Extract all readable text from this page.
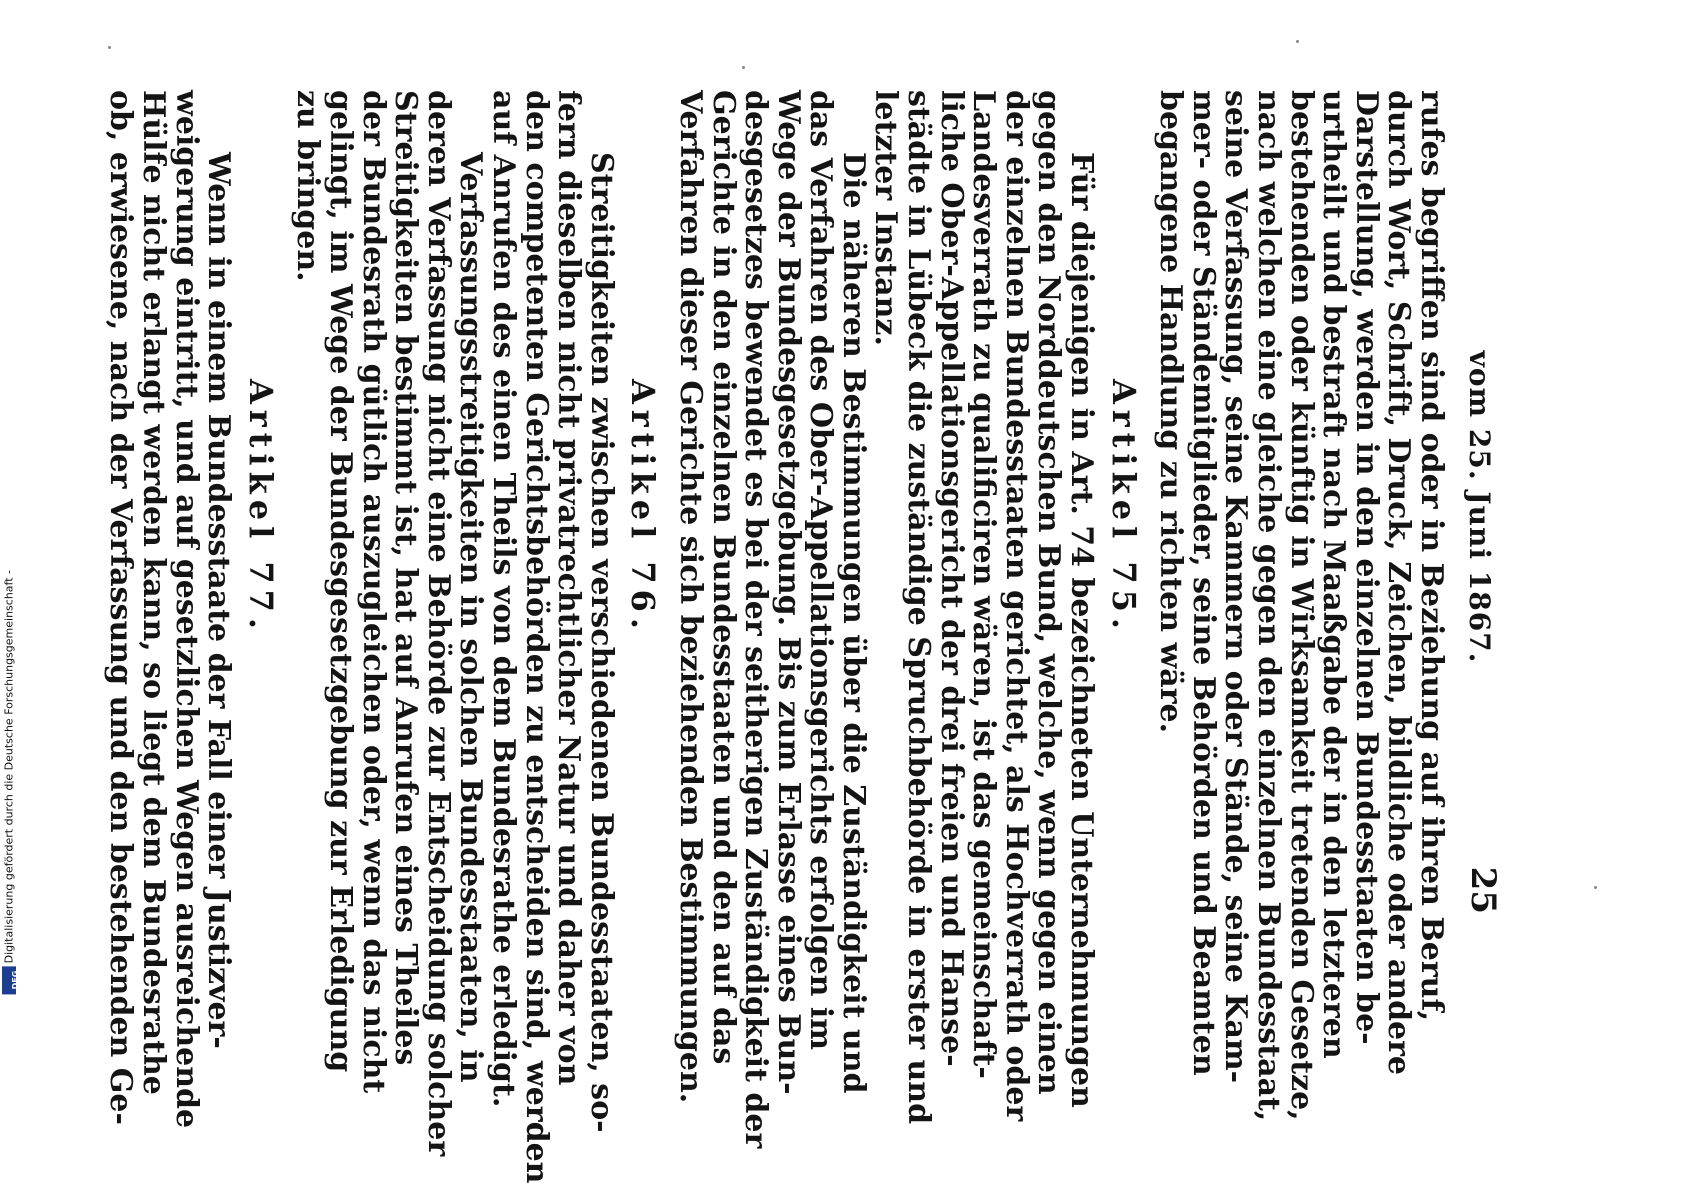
vom 25. Juni 1867.
25
rufes begriffen sind oder in Beziehung auf ihren Beruf,
durch Wort, Schrift, Druck, Zeichen, bildliche oder andere
Darstellung, werden in den einzelnen Bundesstaaten be-
urtheilt und bestraft nach Maaßgabe der in den letzteren
bestehenden oder künftig in Wirksamkeit tretenden Gesetze,
nach welchen eine gleiche gegen den einzelnen Bundesstaat,
seine Verfassung, seine Kammern oder Stände, seine Kam-
mer- oder Ständemitglieder, seine Behörden und Beamten
begangene Handlung zu richten wäre.
Artikel 75.
Für diejenigen in Art. 74 bezeichneten Unternehmungen
gegen den Norddeutschen Bund, welche, wenn gegen einen
der einzelnen Bundesstaaten gerichtet, als Hochverrath oder
Landesverrath zu qualificiren wären, ist das gemeinschaft-
liche Ober-Appellationsgericht der drei freien und Hanse-
städte in Lübeck die zuständige Spruchbehörde in erster und
letzter Instanz.
Die näheren Bestimmungen über die Zuständigkeit und
das Verfahren des Ober-Appellationsgerichts erfolgen im
Wege der Bundesgesetzgebung. Bis zum Erlasse eines Bun-
desgesetzes bewendet es bei der seitherigen Zuständigkeit der
Gerichte in den einzelnen Bundesstaaten und den auf das
Verfahren dieser Gerichte sich beziehenden Bestimmungen.
Artikel 76.
Streitigkeiten zwischen verschiedenen Bundesstaaten, so-
fern dieselben nicht privatrechtlicher Natur und daher von
den competenten Gerichtsbehörden zu entscheiden sind, werden
auf Anrufen des einen Theils von dem Bundesrathe erledigt.
Verfassungsstreitigkeiten in solchen Bundesstaaten, in
deren Verfassung nicht eine Behörde zur Entscheidung solcher
Streitigkeiten bestimmt ist, hat auf Anrufen eines Theiles
der Bundesrath gütlich auszugleichen oder, wenn das nicht
gelingt, im Wege der Bundesgesetzgebung zur Erledigung
zu bringen.
Artikel 77.
Wenn in einem Bundesstaate der Fall einer Justizver-
weigerung eintritt, und auf gesetzlichen Wegen ausreichende
Hülfe nicht erlangt werden kann, so liegt dem Bundesrathe
ob, erwiesene, nach der Verfassung und den bestehenden Ge-
DFG
Digitalisierung gefördert durch die Deutsche Forschungsgemeinschaft -
